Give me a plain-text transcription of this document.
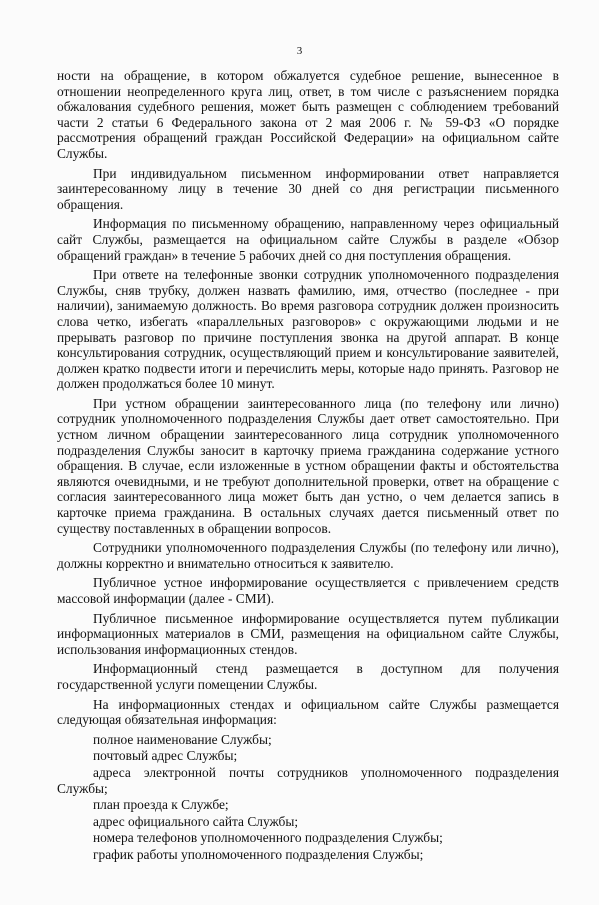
3

ности на обращение, в котором обжалуется судебное решение, вынесенное в отношении неопределенного круга лиц, ответ, в том числе с разъяснением порядка обжалования судебного решения, может быть размещен с соблюдением требований части 2 статьи 6 Федерального закона от 2 мая 2006 г. № 59-ФЗ «О порядке рассмотрения обращений граждан Российской Федерации» на официальном сайте Службы.

При индивидуальном письменном информировании ответ направляется заинтересованному лицу в течение 30 дней со дня регистрации письменного обращения.

Информация по письменному обращению, направленному через официальный сайт Службы, размещается на официальном сайте Службы в разделе «Обзор обращений граждан» в течение 5 рабочих дней со дня поступления обращения.

При ответе на телефонные звонки сотрудник уполномоченного подразделения Службы, сняв трубку, должен назвать фамилию, имя, отчество (последнее - при наличии), занимаемую должность. Во время разговора сотрудник должен произносить слова четко, избегать «параллельных разговоров» с окружающими людьми и не прерывать разговор по причине поступления звонка на другой аппарат. В конце консультирования сотрудник, осуществляющий прием и консультирование заявителей, должен кратко подвести итоги и перечислить меры, которые надо принять. Разговор не должен продолжаться более 10 минут.

При устном обращении заинтересованного лица (по телефону или лично) сотрудник уполномоченного подразделения Службы дает ответ самостоятельно. При устном личном обращении заинтересованного лица сотрудник уполномоченного подразделения Службы заносит в карточку приема гражданина содержание устного обращения. В случае, если изложенные в устном обращении факты и обстоятельства являются очевидными, и не требуют дополнительной проверки, ответ на обращение с согласия заинтересованного лица может быть дан устно, о чем делается запись в карточке приема гражданина. В остальных случаях дается письменный ответ по существу поставленных в обращении вопросов.

Сотрудники уполномоченного подразделения Службы (по телефону или лично), должны корректно и внимательно относиться к заявителю.

Публичное устное информирование осуществляется с привлечением средств массовой информации (далее - СМИ).

Публичное письменное информирование осуществляется путем публикации информационных материалов в СМИ, размещения на официальном сайте Службы, использования информационных стендов.

Информационный стенд размещается в доступном для получения государственной услуги помещении Службы.

На информационных стендах и официальном сайте Службы размещается следующая обязательная информация:

полное наименование Службы;

почтовый адрес Службы;

адреса электронной почты сотрудников уполномоченного подразделения Службы;

план проезда к Службе;

адрес официального сайта Службы;

номера телефонов уполномоченного подразделения Службы;

график работы уполномоченного подразделения Службы;
